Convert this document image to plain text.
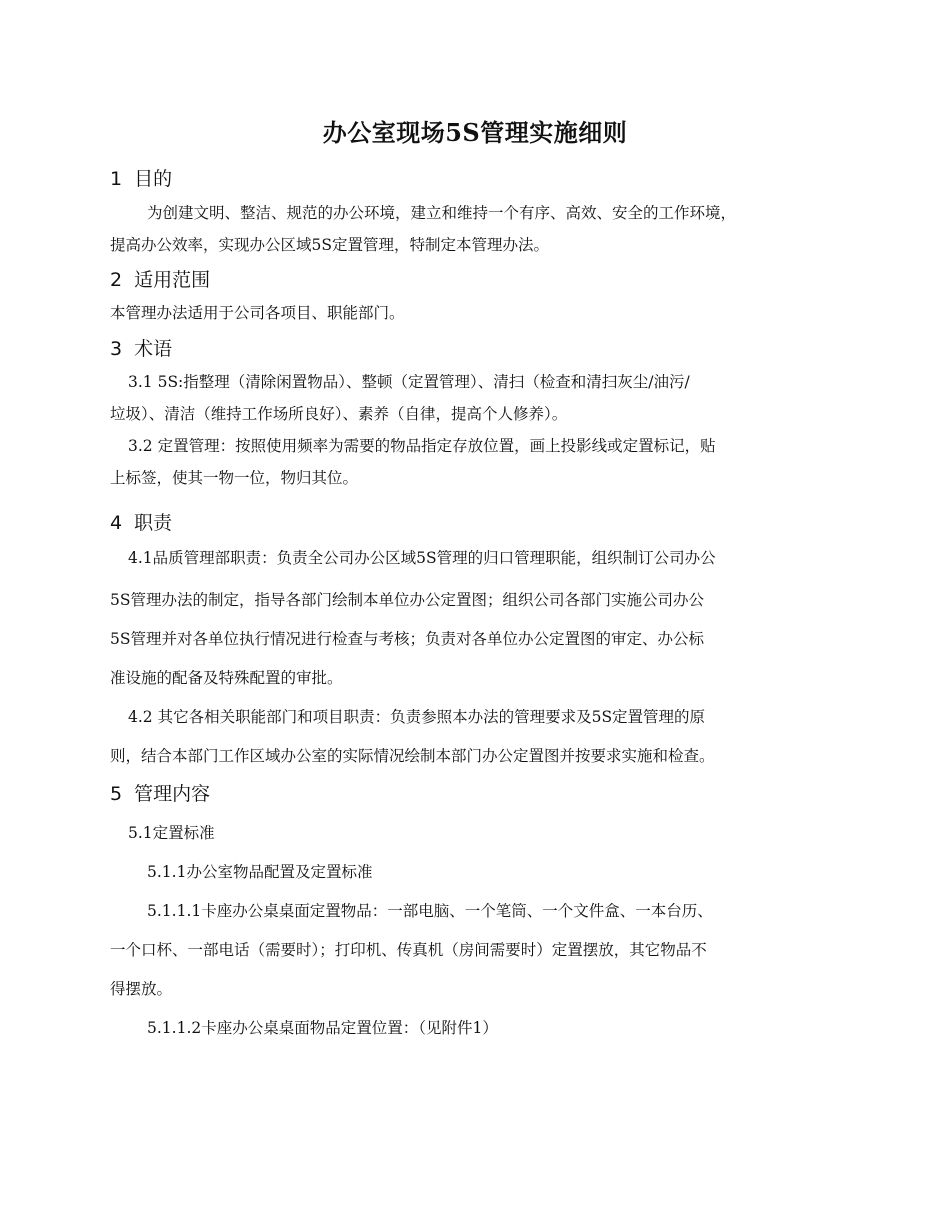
办公室现场5S管理实施细则
1 目的
为创建文明、整洁、规范的办公环境，建立和维持一个有序、高效、安全的工作环境，
提高办公效率，实现办公区域5S定置管理，特制定本管理办法。
2 适用范围
本管理办法适用于公司各项目、职能部门。
3 术语
3.1 5S:指整理（清除闲置物品）、整顿（定置管理）、清扫（检查和清扫灰尘/油污/
垃圾）、清洁（维持工作场所良好）、素养（自律，提高个人修养）。
3.2 定置管理：按照使用频率为需要的物品指定存放位置，画上投影线或定置标记，贴
上标签，使其一物一位，物归其位。
4 职责
4.1品质管理部职责：负责全公司办公区域5S管理的归口管理职能，组织制订公司办公
5S管理办法的制定，指导各部门绘制本单位办公定置图；组织公司各部门实施公司办公
5S管理并对各单位执行情况进行检查与考核；负责对各单位办公定置图的审定、办公标
准设施的配备及特殊配置的审批。
4.2 其它各相关职能部门和项目职责：负责参照本办法的管理要求及5S定置管理的原
则，结合本部门工作区域办公室的实际情况绘制本部门办公定置图并按要求实施和检查。
5 管理内容
5.1定置标准
5.1.1办公室物品配置及定置标准
5.1.1.1卡座办公桌桌面定置物品：一部电脑、一个笔筒、一个文件盒、一本台历、
一个口杯、一部电话（需要时）；打印机、传真机（房间需要时）定置摆放，其它物品不
得摆放。
5.1.1.2卡座办公桌桌面物品定置位置：（见附件1）
